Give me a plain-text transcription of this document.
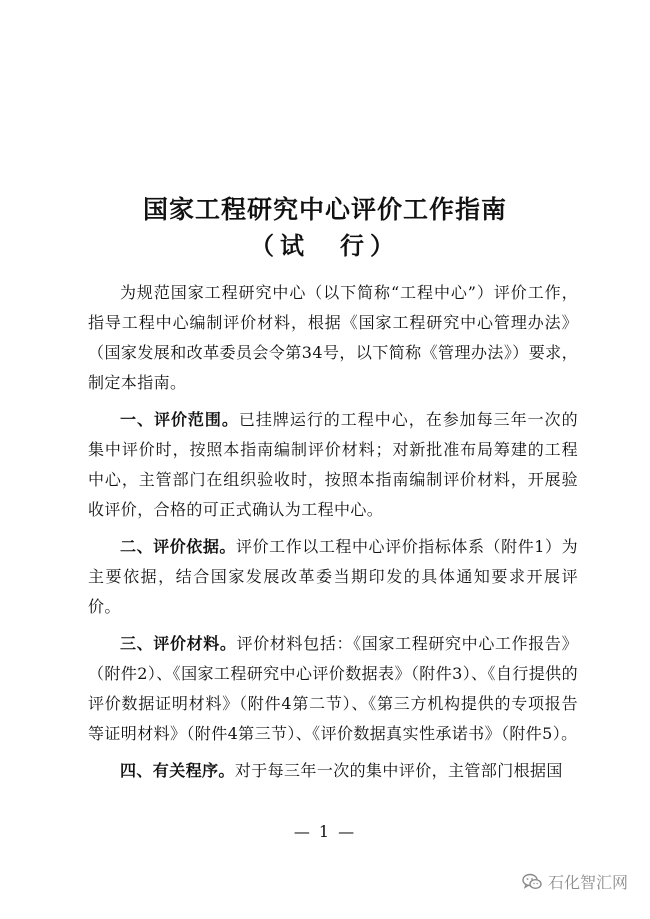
国家工程研究中心评价工作指南
（试　行）

为规范国家工程研究中心（以下简称“工程中心”）评价工作，指导工程中心编制评价材料，根据《国家工程研究中心管理办法》（国家发展和改革委员会令第34号，以下简称《管理办法》）要求，制定本指南。

一、评价范围。已挂牌运行的工程中心，在参加每三年一次的集中评价时，按照本指南编制评价材料；对新批准布局筹建的工程中心，主管部门在组织验收时，按照本指南编制评价材料，开展验收评价，合格的可正式确认为工程中心。

二、评价依据。评价工作以工程中心评价指标体系（附件1）为主要依据，结合国家发展改革委当期印发的具体通知要求开展评价。

三、评价材料。评价材料包括：《国家工程研究中心工作报告》（附件2）、《国家工程研究中心评价数据表》（附件3）、《自行提供的评价数据证明材料》（附件4第二节）、《第三方机构提供的专项报告等证明材料》（附件4第三节）、《评价数据真实性承诺书》（附件5）。

四、有关程序。对于每三年一次的集中评价，主管部门根据国

— 1 —
石化智汇网
